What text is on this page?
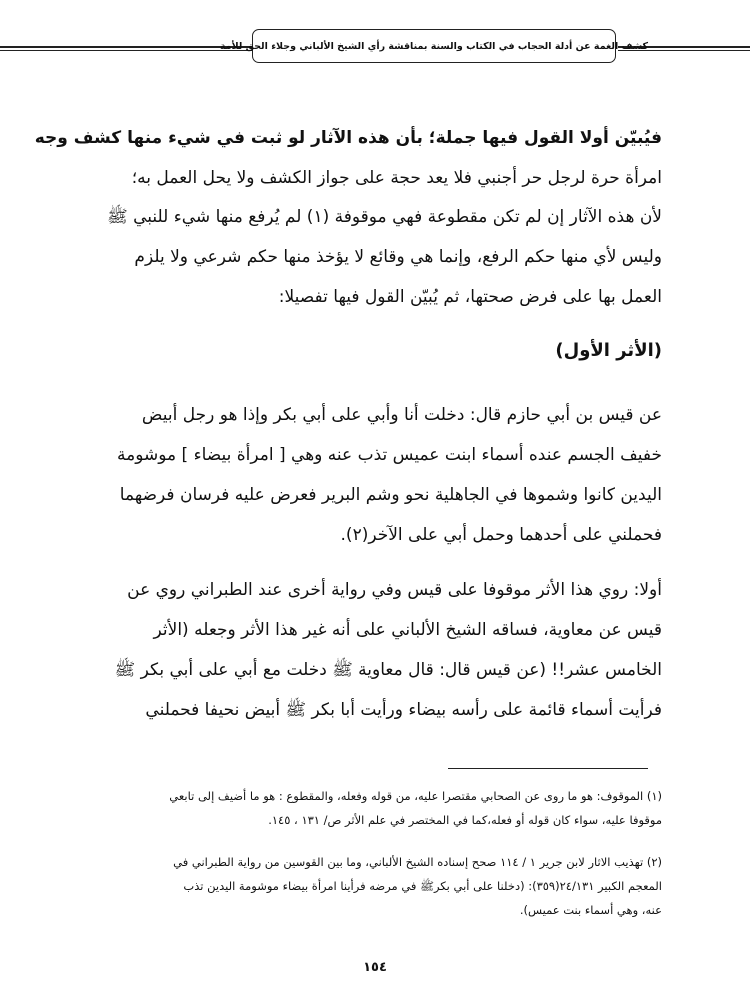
كشف الغمة عن أدلة الحجاب في الكتاب والسنة بمناقشة رأي الشيخ الألباني وجلاء الحق للأمة
فيُبيّن أولا القول فيها جملة؛ بأن هذه الآثار لو ثبت في شيء منها كشف وجه
امرأة حرة لرجل حر أجنبي فلا يعد حجة على جواز الكشف ولا يحل العمل به؛
لأن هذه الآثار إن لم تكن مقطوعة فهي موقوفة (١) لم يُرفع منها شيء للنبي ﷺ
وليس لأي منها حكم الرفع، وإنما هي وقائع لا يؤخذ منها حكم شرعي ولا يلزم
العمل بها على فرض صحتها، ثم يُبيّن القول فيها تفصيلا:
(الأثر الأول)
عن قيس بن أبي حازم قال: دخلت أنا وأبي على أبي بكر وإذا هو رجل أبيض
خفيف الجسم عنده أسماء ابنت عميس تذب عنه وهي [ امرأة بيضاء ] موشومة
اليدين كانوا وشموها في الجاهلية نحو وشم البرير فعرض عليه فرسان فرضهما
فحملني على أحدهما وحمل أبي على الآخر(٢).
أولا: روي هذا الأثر موقوفا على قيس وفي رواية أخرى عند الطبراني روي عن
قيس عن معاوية، فساقه الشيخ الألباني على أنه غير هذا الأثر وجعله (الأثر
الخامس عشر!! (عن قيس قال: قال معاوية ﷺ دخلت مع أبي على أبي بكر ﷺ
فرأيت أسماء قائمة على رأسه بيضاء ورأيت أبا بكر ﷺ أبيض نحيفا فحملني
(١) الموقوف: هو ما روى عن الصحابي مقتصرا عليه، من قوله وفعله، والمقطوع : هو ما أضيف إلى تابعي
موقوفا عليه، سواء كان قوله أو فعله،كما في المختصر في علم الأثر ص/ ١٣١ ، ١٤٥.
(٢) تهذيب الاثار لابن جرير ١ / ١١٤ صحح إسناده الشيخ الألباني، وما بين القوسين من رواية الطبراني في
المعجم الكبير ٢٤/١٣١(٣٥٩): (دخلنا على أبي بكرﷺ في مرضه فرأينا امرأة بيضاء موشومة اليدين تذب
عنه، وهي أسماء بنت عميس).
١٥٤
